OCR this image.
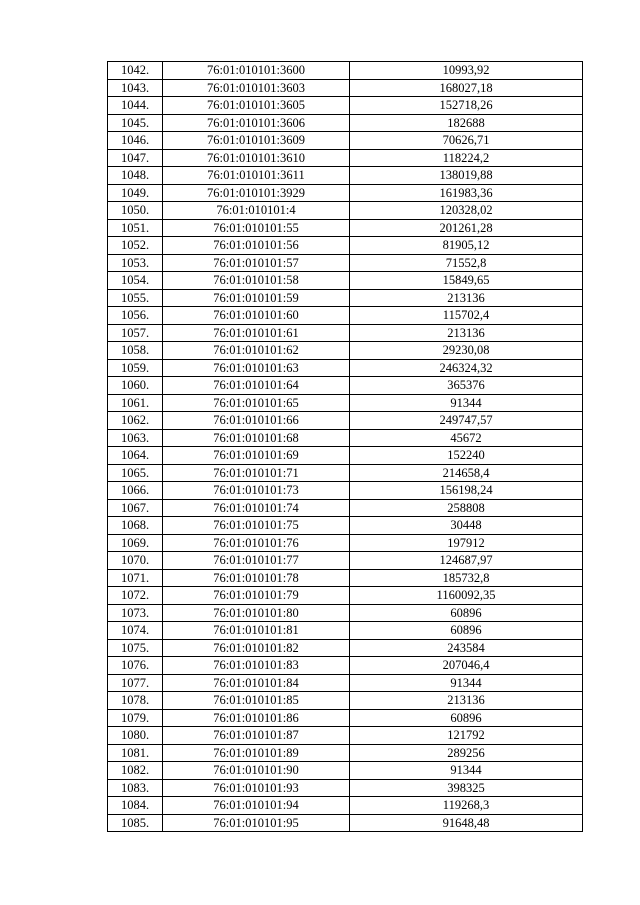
1042.	76:01:010101:3600	10993,92
1043.	76:01:010101:3603	168027,18
1044.	76:01:010101:3605	152718,26
1045.	76:01:010101:3606	182688
1046.	76:01:010101:3609	70626,71
1047.	76:01:010101:3610	118224,2
1048.	76:01:010101:3611	138019,88
1049.	76:01:010101:3929	161983,36
1050.	76:01:010101:4	120328,02
1051.	76:01:010101:55	201261,28
1052.	76:01:010101:56	81905,12
1053.	76:01:010101:57	71552,8
1054.	76:01:010101:58	15849,65
1055.	76:01:010101:59	213136
1056.	76:01:010101:60	115702,4
1057.	76:01:010101:61	213136
1058.	76:01:010101:62	29230,08
1059.	76:01:010101:63	246324,32
1060.	76:01:010101:64	365376
1061.	76:01:010101:65	91344
1062.	76:01:010101:66	249747,57
1063.	76:01:010101:68	45672
1064.	76:01:010101:69	152240
1065.	76:01:010101:71	214658,4
1066.	76:01:010101:73	156198,24
1067.	76:01:010101:74	258808
1068.	76:01:010101:75	30448
1069.	76:01:010101:76	197912
1070.	76:01:010101:77	124687,97
1071.	76:01:010101:78	185732,8
1072.	76:01:010101:79	1160092,35
1073.	76:01:010101:80	60896
1074.	76:01:010101:81	60896
1075.	76:01:010101:82	243584
1076.	76:01:010101:83	207046,4
1077.	76:01:010101:84	91344
1078.	76:01:010101:85	213136
1079.	76:01:010101:86	60896
1080.	76:01:010101:87	121792
1081.	76:01:010101:89	289256
1082.	76:01:010101:90	91344
1083.	76:01:010101:93	398325
1084.	76:01:010101:94	119268,3
1085.	76:01:010101:95	91648,48
